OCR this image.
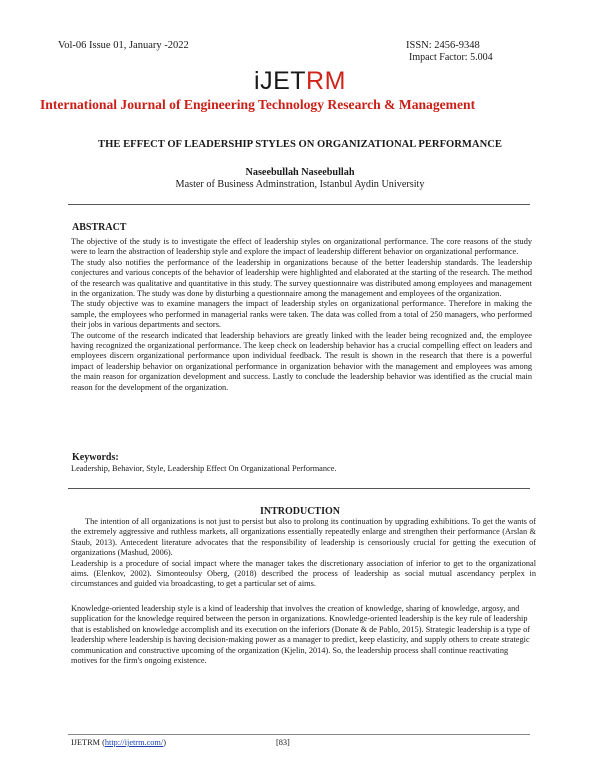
Vol-06 Issue 01, January -2022	ISSN: 2456-9348
Impact Factor: 5.004
iJETRM
International Journal of Engineering Technology Research & Management
THE EFFECT OF LEADERSHIP STYLES ON ORGANIZATIONAL PERFORMANCE
Naseebullah Naseebullah
Master of Business Adminstration, Istanbul Aydin University
ABSTRACT

The objective of the study is to investigate the effect of leadership styles on organizational performance. The core reasons of the study were to learn the abstraction of leadership style and explore the impact of leadership different behavior on organizational performance.

The study also notifies the performance of the leadership in organizations because of the better leadership standards. The leadership conjectures and various concepts of the behavior of leadership were highlighted and elaborated at the starting of the research. The method of the research was qualitative and quantitative in this study. The survey questionnaire was distributed among employees and management in the organization. The study was done by disturbing a questionnaire among the management and employees of the organization.

The study objective was to examine managers the impact of leadership styles on organizational performance. Therefore in making the sample, the employees who performed in managerial ranks were taken. The data was colled from a total of 250 managers, who performed their jobs in various departments and sectors.

The outcome of the research indicated that leadership behaviors are greatly linked with the leader being recognized and, the employee having recognized the organizational performance. The keep check on leadership behavior has a crucial compelling effect on leaders and employees discern organizational performance upon individual feedback. The result is shown in the research that there is a powerful impact of leadership behavior on organizational performance in organization behavior with the management and employees was among the main reason for organization development and success. Lastly to conclude the leadership behavior was identified as the crucial main reason for the development of the organization.

Keywords:
Leadership, Behavior, Style, Leadership Effect On Organizational Performance.
INTRODUCTION

The intention of all organizations is not just to persist but also to prolong its continuation by upgrading exhibitions. To get the wants of the extremely aggressive and ruthless markets, all organizations essentially repeatedly enlarge and strengthen their performance (Arslan & Staub, 2013). Antecedent literature advocates that the responsibility of leadership is censoriously crucial for getting the execution of organizations (Mashud, 2006).

Leadership is a procedure of social impact where the manager takes the discretionary association of inferior to get to the organizational aims. (Elenkov, 2002). Simonteoulsy Oberg, (2018) described the process of leadership as social mutual ascendancy perplex in circumstances and guided via broadcasting, to get a particular set of aims.

Knowledge-oriented leadership style is a kind of leadership that involves the creation of knowledge, sharing of knowledge, argosy, and supplication for the knowledge required between the person in organizations. Knowledge-oriented leadership is the key rule of leadership that is established on knowledge accomplish and its execution on the inferiors (Donate & de Pablo, 2015). Strategic leadership is a type of leadership where leadership is having decision-making power as a manager to predict, keep elasticity, and supply others to create strategic communication and constructive upcoming of the organization (Kjelin, 2014). So, the leadership process shall continue reactivating motives for the firm's ongoing existence.
IJETRM (http://ijetrm.com/)	[83]
